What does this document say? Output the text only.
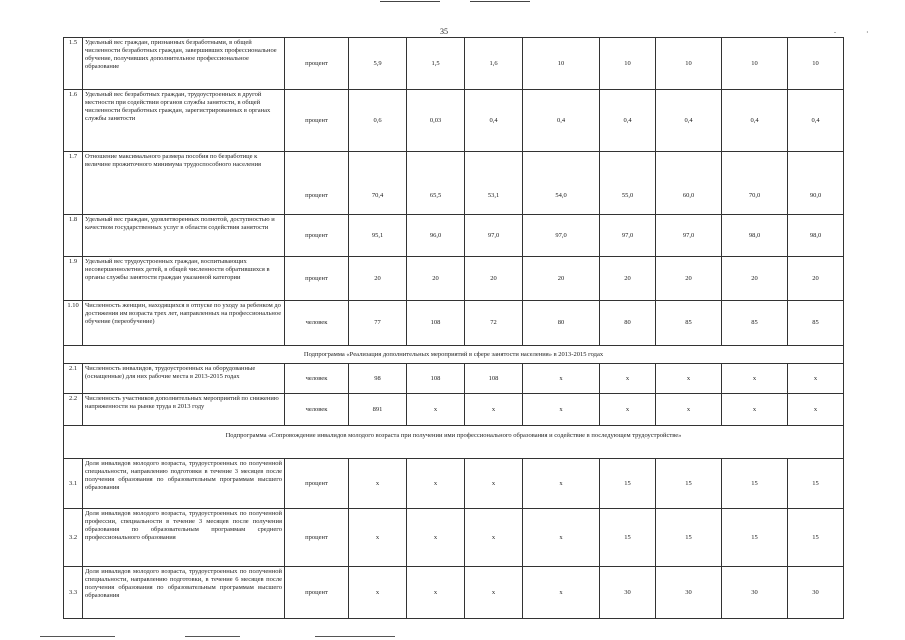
35	·
.
1.5	Удельный вес граждан, признанных безработными, в общей численности безработных граждан, завершивших профессиональное обучение, получивших дополнительное профессиональное образование	процент	5,9	1,5	1,6	10	10	10	10	10
1.6	Удельный вес безработных граждан, трудоустроенных в другой местности при содействии органов службы занятости, в общей численности безработных граждан, зарегистрированных в органах службы занятости	процент	0,6	0,03	0,4	0,4	0,4	0,4	0,4	0,4
1.7	Отношение максимального размера пособия по безработице к величине прожиточного минимума трудоспособного населения	процент	70,4	65,5	53,1	54,0	55,0	60,0	70,0	90,0
1.8	Удельный вес граждан, удовлетворенных полнотой, доступностью и качеством государственных услуг в области содействия занятости	процент	95,1	96,0	97,0	97,0	97,0	97,0	98,0	98,0
1.9	Удельный вес трудоустроенных граждан, воспитывающих несовершеннолетних детей, в общей численности обратившихся в органы службы занятости граждан указанной категории	процент	20	20	20	20	20	20	20	20
1.10	Численность женщин, находящихся в отпуске по уходу за ребенком до достижения им возраста трех лет, направленных на профессиональное обучение (переобучение)	человек	77	108	72	80	80	85	85	85
Подпрограмма «Реализация дополнительных мероприятий в сфере занятости населения» в 2013-2015 годах										
2.1	Численность инвалидов, трудоустроенных на оборудованные (оснащенные) для них рабочие места в 2013-2015 годах	человек	98	108	108	x	x	x	x	x
2.2	Численность участников дополнительных мероприятий по снижению напряженности на рынке труда в 2013 году	человек	891	x	x	x	x	x	x	x
Подпрограмма «Сопровождение инвалидов молодого возраста при получении ими профессионального образования и содействие в последующем трудоустройстве»										

3.1	Доля инвалидов молодого возраста, трудоустроенных по полученной специальности, направлению подготовки в течение 3 месяцев после получения образования по образовательным программам высшего образования	процент	x	x	x	x	15	15	15	15
3.2	Доля инвалидов молодого возраста, трудоустроенных по полученной профессии, специальности в течение 3 месяцев после получения образования по образовательным программам среднего профессионального образования	процент	x	x	x	x	15	15	15	15
3.3	Доля инвалидов молодого возраста, трудоустроенных по полученной специальности, направлению подготовки, в течение 6 месяцев после получения образования по образовательным программам высшего образования	процент	x	x	x	x	30	30	30	30
